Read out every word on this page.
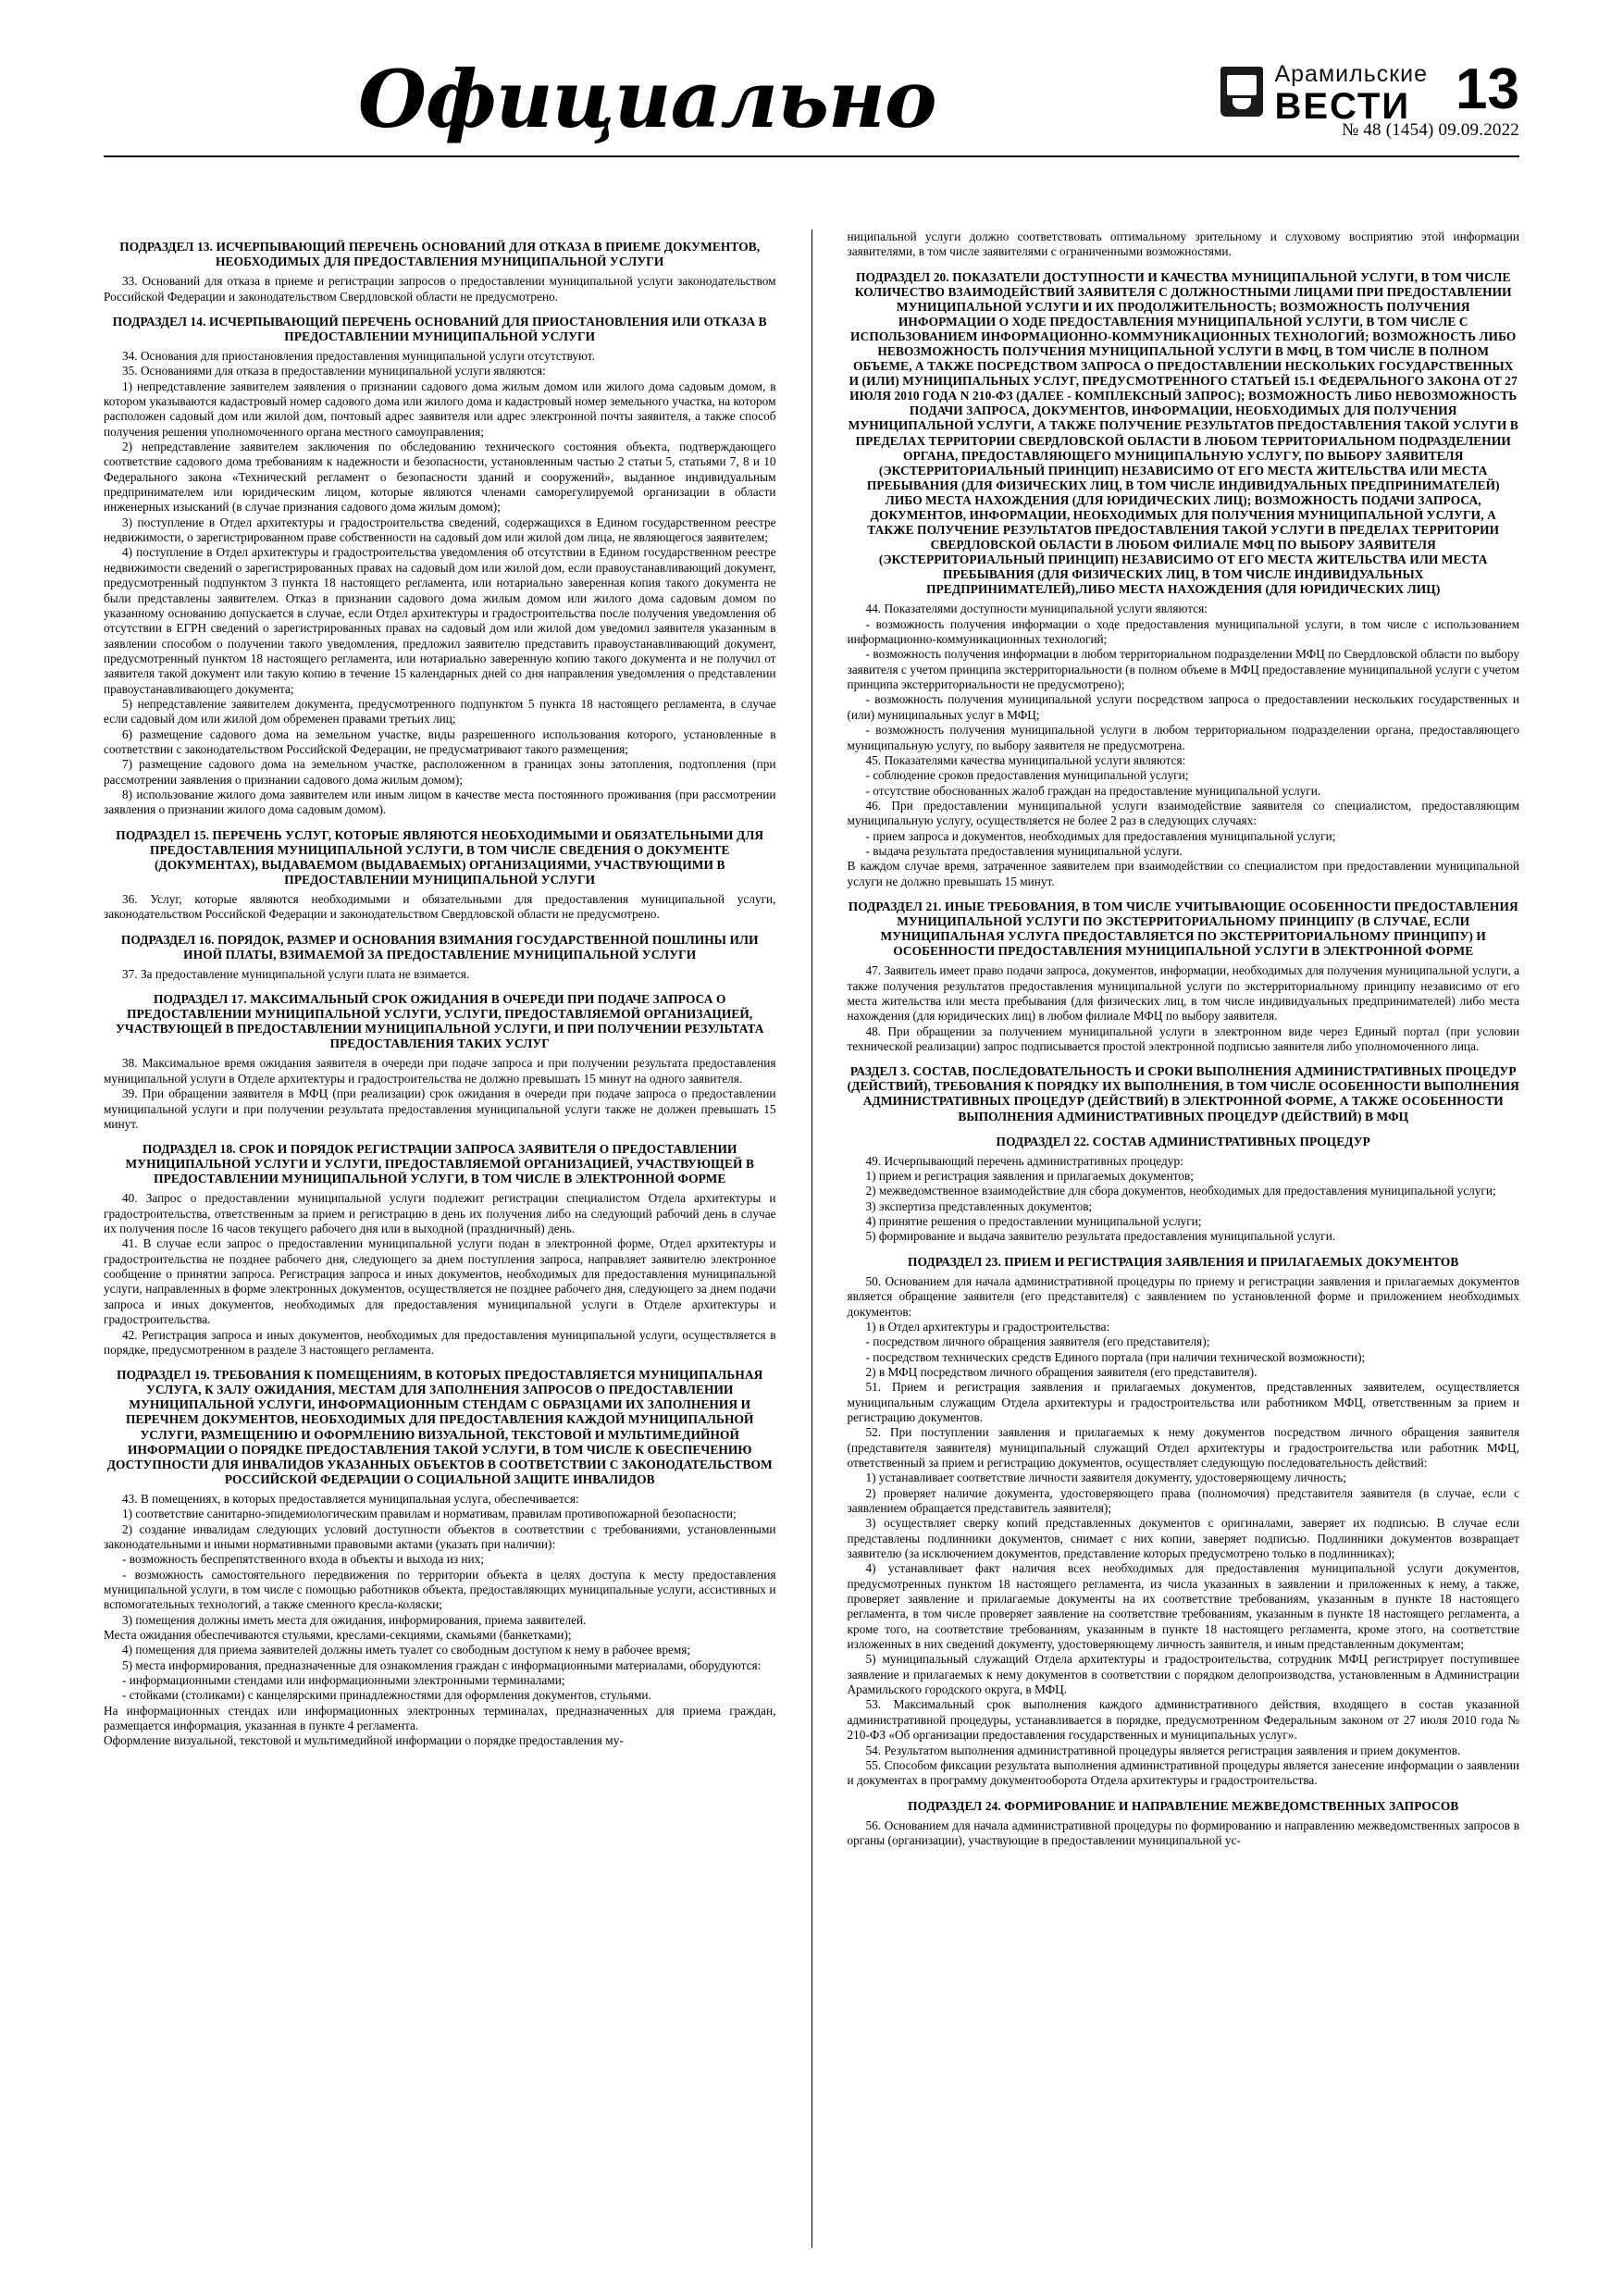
Официально	Арамильские
ВЕСТИ 13
№ 48 (1454) 09.09.2022
ПОДРАЗДЕЛ 13. ИСЧЕРПЫВАЮЩИЙ ПЕРЕЧЕНЬ ОСНОВАНИЙ ДЛЯ ОТКАЗА В ПРИЕМЕ ДОКУМЕНТОВ, НЕОБХОДИМЫХ ДЛЯ ПРЕДОСТАВЛЕНИЯ МУНИЦИПАЛЬНОЙ УСЛУГИ

33. Оснований для отказа в приеме и регистрации запросов о предоставлении муниципальной услуги законодательством Российской Федерации и законодательством Свердловской области не предусмотрено.

ПОДРАЗДЕЛ 14. ИСЧЕРПЫВАЮЩИЙ ПЕРЕЧЕНЬ ОСНОВАНИЙ ДЛЯ ПРИОСТАНОВЛЕНИЯ ИЛИ ОТКАЗА В ПРЕДОСТАВЛЕНИИ МУНИЦИПАЛЬНОЙ УСЛУГИ

34. Основания для приостановления предоставления муниципальной услуги отсутствуют.

35. Основаниями для отказа в предоставлении муниципальной услуги являются:

1) непредставление заявителем заявления о признании садового дома жилым домом или жилого дома садовым домом, в котором указываются кадастровый номер садового дома или жилого дома и кадастровый номер земельного участка, на котором расположен садовый дом или жилой дом, почтовый адрес заявителя или адрес электронной почты заявителя, а также способ получения решения уполномоченного органа местного самоуправления;

2) непредставление заявителем заключения по обследованию технического состояния объекта, подтверждающего соответствие садового дома требованиям к надежности и безопасности, установленным частью 2 статьи 5, статьями 7, 8 и 10 Федерального закона «Технический регламент о безопасности зданий и сооружений», выданное индивидуальным предпринимателем или юридическим лицом, которые являются членами саморегулируемой организации в области инженерных изысканий (в случае признания садового дома жилым домом);

3) поступление в Отдел архитектуры и градостроительства сведений, содержащихся в Едином государственном реестре недвижимости, о зарегистрированном праве собственности на садовый дом или жилой дом лица, не являющегося заявителем;

4) поступление в Отдел архитектуры и градостроительства уведомления об отсутствии в Едином государственном реестре недвижимости сведений о зарегистрированных правах на садовый дом или жилой дом, если правоустанавливающий документ, предусмотренный подпунктом 3 пункта 18 настоящего регламента, или нотариально заверенная копия такого документа не были представлены заявителем. Отказ в признании садового дома жилым домом или жилого дома садовым домом по указанному основанию допускается в случае, если Отдел архитектуры и градостроительства после получения уведомления об отсутствии в ЕГРН сведений о зарегистрированных правах на садовый дом или жилой дом уведомил заявителя указанным в заявлении способом о получении такого уведомления, предложил заявителю представить правоустанавливающий документ, предусмотренный пунктом 18 настоящего регламента, или нотариально заверенную копию такого документа и не получил от заявителя такой документ или такую копию в течение 15 календарных дней со дня направления уведомления о представлении правоустанавливающего документа;

5) непредставление заявителем документа, предусмотренного подпунктом 5 пункта 18 настоящего регламента, в случае если садовый дом или жилой дом обременен правами третьих лиц;

6) размещение садового дома на земельном участке, виды разрешенного использования которого, установленные в соответствии с законодательством Российской Федерации, не предусматривают такого размещения;

7) размещение садового дома на земельном участке, расположенном в границах зоны затопления, подтопления (при рассмотрении заявления о признании садового дома жилым домом);

8) использование жилого дома заявителем или иным лицом в качестве места постоянного проживания (при рассмотрении заявления о признании жилого дома садовым домом).

ПОДРАЗДЕЛ 15. ПЕРЕЧЕНЬ УСЛУГ, КОТОРЫЕ ЯВЛЯЮТСЯ НЕОБХОДИМЫМИ И ОБЯЗАТЕЛЬНЫМИ ДЛЯ ПРЕДОСТАВЛЕНИЯ МУНИЦИПАЛЬНОЙ УСЛУГИ, В ТОМ ЧИСЛЕ СВЕДЕНИЯ О ДОКУМЕНТЕ (ДОКУМЕНТАХ), ВЫДАВАЕМОМ (ВЫДАВАЕМЫХ) ОРГАНИЗАЦИЯМИ, УЧАСТВУЮЩИМИ В ПРЕДОСТАВЛЕНИИ МУНИЦИПАЛЬНОЙ УСЛУГИ

36. Услуг, которые являются необходимыми и обязательными для предоставления муниципальной услуги, законодательством Российской Федерации и законодательством Свердловской области не предусмотрено.

ПОДРАЗДЕЛ 16. ПОРЯДОК, РАЗМЕР И ОСНОВАНИЯ ВЗИМАНИЯ ГОСУДАРСТВЕННОЙ ПОШЛИНЫ ИЛИ ИНОЙ ПЛАТЫ, ВЗИМАЕМОЙ ЗА ПРЕДОСТАВЛЕНИЕ МУНИЦИПАЛЬНОЙ УСЛУГИ

37. За предоставление муниципальной услуги плата не взимается.

ПОДРАЗДЕЛ 17. МАКСИМАЛЬНЫЙ СРОК ОЖИДАНИЯ В ОЧЕРЕДИ ПРИ ПОДАЧЕ ЗАПРОСА О ПРЕДОСТАВЛЕНИИ МУНИЦИПАЛЬНОЙ УСЛУГИ, УСЛУГИ, ПРЕДОСТАВЛЯЕМОЙ ОРГАНИЗАЦИЕЙ, УЧАСТВУЮЩЕЙ В ПРЕДОСТАВЛЕНИИ МУНИЦИПАЛЬНОЙ УСЛУГИ, И ПРИ ПОЛУЧЕНИИ РЕЗУЛЬТАТА ПРЕДОСТАВЛЕНИЯ ТАКИХ УСЛУГ

38. Максимальное время ожидания заявителя в очереди при подаче запроса и при получении результата предоставления муниципальной услуги в Отделе архитектуры и градостроительства не должно превышать 15 минут на одного заявителя.

39. При обращении заявителя в МФЦ (при реализации) срок ожидания в очереди при подаче запроса о предоставлении муниципальной услуги и при получении результата предоставления муниципальной услуги также не должен превышать 15 минут.

ПОДРАЗДЕЛ 18. СРОК И ПОРЯДОК РЕГИСТРАЦИИ ЗАПРОСА ЗАЯВИТЕЛЯ О ПРЕДОСТАВЛЕНИИ МУНИЦИПАЛЬНОЙ УСЛУГИ И УСЛУГИ, ПРЕДОСТАВЛЯЕМОЙ ОРГАНИЗАЦИЕЙ, УЧАСТВУЮЩЕЙ В ПРЕДОСТАВЛЕНИИ МУНИЦИПАЛЬНОЙ УСЛУГИ, В ТОМ ЧИСЛЕ В ЭЛЕКТРОННОЙ ФОРМЕ

40. Запрос о предоставлении муниципальной услуги подлежит регистрации специалистом Отдела архитектуры и градостроительства, ответственным за прием и регистрацию в день их получения либо на следующий рабочий день в случае их получения после 16 часов текущего рабочего дня или в выходной (праздничный) день.

41. В случае если запрос о предоставлении муниципальной услуги подан в электронной форме, Отдел архитектуры и градостроительства не позднее рабочего дня, следующего за днем поступления запроса, направляет заявителю электронное сообщение о принятии запроса. Регистрация запроса и иных документов, необходимых для предоставления муниципальной услуги, направленных в форме электронных документов, осуществляется не позднее рабочего дня, следующего за днем подачи запроса и иных документов, необходимых для предоставления муниципальной услуги в Отделе архитектуры и градостроительства.

42. Регистрация запроса и иных документов, необходимых для предоставления муниципальной услуги, осуществляется в порядке, предусмотренном в разделе 3 настоящего регламента.

ПОДРАЗДЕЛ 19. ТРЕБОВАНИЯ К ПОМЕЩЕНИЯМ, В КОТОРЫХ ПРЕДОСТАВЛЯЕТСЯ МУНИЦИПАЛЬНАЯ УСЛУГА, К ЗАЛУ ОЖИДАНИЯ, МЕСТАМ ДЛЯ ЗАПОЛНЕНИЯ ЗАПРОСОВ О ПРЕДОСТАВЛЕНИИ МУНИЦИПАЛЬНОЙ УСЛУГИ, ИНФОРМАЦИОННЫМ СТЕНДАМ С ОБРАЗЦАМИ ИХ ЗАПОЛНЕНИЯ И ПЕРЕЧНЕМ ДОКУМЕНТОВ, НЕОБХОДИМЫХ ДЛЯ ПРЕДОСТАВЛЕНИЯ КАЖДОЙ МУНИЦИПАЛЬНОЙ УСЛУГИ, РАЗМЕЩЕНИЮ И ОФОРМЛЕНИЮ ВИЗУАЛЬНОЙ, ТЕКСТОВОЙ И МУЛЬТИМЕДИЙНОЙ ИНФОРМАЦИИ О ПОРЯДКЕ ПРЕДОСТАВЛЕНИЯ ТАКОЙ УСЛУГИ, В ТОМ ЧИСЛЕ К ОБЕСПЕЧЕНИЮ ДОСТУПНОСТИ ДЛЯ ИНВАЛИДОВ УКАЗАННЫХ ОБЪЕКТОВ В СООТВЕТСТВИИ С ЗАКОНОДАТЕЛЬСТВОМ РОССИЙСКОЙ ФЕДЕРАЦИИ О СОЦИАЛЬНОЙ ЗАЩИТЕ ИНВАЛИДОВ

43. В помещениях, в которых предоставляется муниципальная услуга, обеспечивается:

1) соответствие санитарно-эпидемиологическим правилам и нормативам, правилам противопожарной безопасности;

2) создание инвалидам следующих условий доступности объектов в соответствии с требованиями, установленными законодательными и иными нормативными правовыми актами (указать при наличии):

- возможность беспрепятственного входа в объекты и выхода из них;

- возможность самостоятельного передвижения по территории объекта в целях доступа к месту предоставления муниципальной услуги, в том числе с помощью работников объекта, предоставляющих муниципальные услуги, ассистивных и вспомогательных технологий, а также сменного кресла-коляски;

3) помещения должны иметь места для ожидания, информирования, приема заявителей.

Места ожидания обеспечиваются стульями, креслами-секциями, скамьями (банкетками);

4) помещения для приема заявителей должны иметь туалет со свободным доступом к нему в рабочее время;

5) места информирования, предназначенные для ознакомления граждан с информационными материалами, оборудуются:

- информационными стендами или информационными электронными терминалами;

- стойками (столиками) с канцелярскими принадлежностями для оформления документов, стульями.

На информационных стендах или информационных электронных терминалах, предназначенных для приема граждан, размещается информация, указанная в пункте 4 регламента.

Оформление визуальной, текстовой и мультимедийной информации о порядке предоставления му-

ниципальной услуги должно соответствовать оптимальному зрительному и слуховому восприятию этой информации заявителями, в том числе заявителями с ограниченными возможностями.

ПОДРАЗДЕЛ 20. ПОКАЗАТЕЛИ ДОСТУПНОСТИ И КАЧЕСТВА МУНИЦИПАЛЬНОЙ УСЛУГИ, В ТОМ ЧИСЛЕ КОЛИЧЕСТВО ВЗАИМОДЕЙСТВИЙ ЗАЯВИТЕЛЯ С ДОЛЖНОСТНЫМИ ЛИЦАМИ ПРИ ПРЕДОСТАВЛЕНИИ МУНИЦИПАЛЬНОЙ УСЛУГИ И ИХ ПРОДОЛЖИТЕЛЬНОСТЬ; ВОЗМОЖНОСТЬ ПОЛУЧЕНИЯ ИНФОРМАЦИИ О ХОДЕ ПРЕДОСТАВЛЕНИЯ МУНИЦИПАЛЬНОЙ УСЛУГИ, В ТОМ ЧИСЛЕ С ИСПОЛЬЗОВАНИЕМ ИНФОРМАЦИОННО-КОММУНИКАЦИОННЫХ ТЕХНОЛОГИЙ; ВОЗМОЖНОСТЬ ЛИБО НЕВОЗМОЖНОСТЬ ПОЛУЧЕНИЯ МУНИЦИПАЛЬНОЙ УСЛУГИ В МФЦ, В ТОМ ЧИСЛЕ В ПОЛНОМ ОБЪЕМЕ, А ТАКЖЕ ПОСРЕДСТВОМ ЗАПРОСА О ПРЕДОСТАВЛЕНИИ НЕСКОЛЬКИХ ГОСУДАРСТВЕННЫХ И (ИЛИ) МУНИЦИПАЛЬНЫХ УСЛУГ, ПРЕДУСМОТРЕННОГО СТАТЬЕЙ 15.1 ФЕДЕРАЛЬНОГО ЗАКОНА ОТ 27 ИЮЛЯ 2010 ГОДА N 210-ФЗ (ДАЛЕЕ - КОМПЛЕКСНЫЙ ЗАПРОС); ВОЗМОЖНОСТЬ ЛИБО НЕВОЗМОЖНОСТЬ ПОДАЧИ ЗАПРОСА, ДОКУМЕНТОВ, ИНФОРМАЦИИ, НЕОБХОДИМЫХ ДЛЯ ПОЛУЧЕНИЯ МУНИЦИПАЛЬНОЙ УСЛУГИ, А ТАКЖЕ ПОЛУЧЕНИЕ РЕЗУЛЬТАТОВ ПРЕДОСТАВЛЕНИЯ ТАКОЙ УСЛУГИ В ПРЕДЕЛАХ ТЕРРИТОРИИ СВЕРДЛОВСКОЙ ОБЛАСТИ В ЛЮБОМ ТЕРРИТОРИАЛЬНОМ ПОДРАЗДЕЛЕНИИ ОРГАНА, ПРЕДОСТАВЛЯЮЩЕГО МУНИЦИПАЛЬНУЮ УСЛУГУ, ПО ВЫБОРУ ЗАЯВИТЕЛЯ (ЭКСТЕРРИТОРИАЛЬНЫЙ ПРИНЦИП) НЕЗАВИСИМО ОТ ЕГО МЕСТА ЖИТЕЛЬСТВА ИЛИ МЕСТА ПРЕБЫВАНИЯ (ДЛЯ ФИЗИЧЕСКИХ ЛИЦ, В ТОМ ЧИСЛЕ ИНДИВИДУАЛЬНЫХ ПРЕДПРИНИМАТЕЛЕЙ) ЛИБО МЕСТА НАХОЖДЕНИЯ (ДЛЯ ЮРИДИЧЕСКИХ ЛИЦ); ВОЗМОЖНОСТЬ ПОДАЧИ ЗАПРОСА, ДОКУМЕНТОВ, ИНФОРМАЦИИ, НЕОБХОДИМЫХ ДЛЯ ПОЛУЧЕНИЯ МУНИЦИПАЛЬНОЙ УСЛУГИ, А ТАКЖЕ ПОЛУЧЕНИЕ РЕЗУЛЬТАТОВ ПРЕДОСТАВЛЕНИЯ ТАКОЙ УСЛУГИ В ПРЕДЕЛАХ ТЕРРИТОРИИ СВЕРДЛОВСКОЙ ОБЛАСТИ В ЛЮБОМ ФИЛИАЛЕ МФЦ ПО ВЫБОРУ ЗАЯВИТЕЛЯ (ЭКСТЕРРИТОРИАЛЬНЫЙ ПРИНЦИП) НЕЗАВИСИМО ОТ ЕГО МЕСТА ЖИТЕЛЬСТВА ИЛИ МЕСТА ПРЕБЫВАНИЯ (ДЛЯ ФИЗИЧЕСКИХ ЛИЦ, В ТОМ ЧИСЛЕ ИНДИВИДУАЛЬНЫХ ПРЕДПРИНИМАТЕЛЕЙ),ЛИБО МЕСТА НАХОЖДЕНИЯ (ДЛЯ ЮРИДИЧЕСКИХ ЛИЦ)

44. Показателями доступности муниципальной услуги являются:

- возможность получения информации о ходе предоставления муниципальной услуги, в том числе с использованием информационно-коммуникационных технологий;

- возможность получения информации в любом территориальном подразделении МФЦ по Свердловской области по выбору заявителя с учетом принципа экстерриториальности (в полном объеме в МФЦ предоставление муниципальной услуги с учетом принципа экстерриториальности не предусмотрено);

- возможность получения муниципальной услуги посредством запроса о предоставлении нескольких государственных и (или) муниципальных услуг в МФЦ;

- возможность получения муниципальной услуги в любом территориальном подразделении органа, предоставляющего муниципальную услугу, по выбору заявителя не предусмотрена.

45. Показателями качества муниципальной услуги являются:

- соблюдение сроков предоставления муниципальной услуги;

- отсутствие обоснованных жалоб граждан на предоставление муниципальной услуги.

46. При предоставлении муниципальной услуги взаимодействие заявителя со специалистом, предоставляющим муниципальную услугу, осуществляется не более 2 раз в следующих случаях:

- прием запроса и документов, необходимых для предоставления муниципальной услуги;

- выдача результата предоставления муниципальной услуги.

В каждом случае время, затраченное заявителем при взаимодействии со специалистом при предоставлении муниципальной услуги не должно превышать 15 минут.

ПОДРАЗДЕЛ 21. ИНЫЕ ТРЕБОВАНИЯ, В ТОМ ЧИСЛЕ УЧИТЫВАЮЩИЕ ОСОБЕННОСТИ ПРЕДОСТАВЛЕНИЯ МУНИЦИПАЛЬНОЙ УСЛУГИ ПО ЭКСТЕРРИТОРИАЛЬНОМУ ПРИНЦИПУ (В СЛУЧАЕ, ЕСЛИ МУНИЦИПАЛЬНАЯ УСЛУГА ПРЕДОСТАВЛЯЕТСЯ ПО ЭКСТЕРРИТОРИАЛЬНОМУ ПРИНЦИПУ) И ОСОБЕННОСТИ ПРЕДОСТАВЛЕНИЯ МУНИЦИПАЛЬНОЙ УСЛУГИ В ЭЛЕКТРОННОЙ ФОРМЕ

47. Заявитель имеет право подачи запроса, документов, информации, необходимых для получения муниципальной услуги, а также получения результатов предоставления муниципальной услуги по экстерриториальному принципу независимо от его места жительства или места пребывания (для физических лиц, в том числе индивидуальных предпринимателей) либо места нахождения (для юридических лиц) в любом филиале МФЦ по выбору заявителя.

48. При обращении за получением муниципальной услуги в электронном виде через Единый портал (при условии технической реализации) запрос подписывается простой электронной подписью заявителя либо уполномоченного лица.

РАЗДЕЛ 3. СОСТАВ, ПОСЛЕДОВАТЕЛЬНОСТЬ И СРОКИ ВЫПОЛНЕНИЯ АДМИНИСТРАТИВНЫХ ПРОЦЕДУР (ДЕЙСТВИЙ), ТРЕБОВАНИЯ К ПОРЯДКУ ИХ ВЫПОЛНЕНИЯ, В ТОМ ЧИСЛЕ ОСОБЕННОСТИ ВЫПОЛНЕНИЯ АДМИНИСТРАТИВНЫХ ПРОЦЕДУР (ДЕЙСТВИЙ) В ЭЛЕКТРОННОЙ ФОРМЕ, А ТАКЖЕ ОСОБЕННОСТИ ВЫПОЛНЕНИЯ АДМИНИСТРАТИВНЫХ ПРОЦЕДУР (ДЕЙСТВИЙ) В МФЦ
ПОДРАЗДЕЛ 22. СОСТАВ АДМИНИСТРАТИВНЫХ ПРОЦЕДУР

49. Исчерпывающий перечень административных процедур:

1) прием и регистрация заявления и прилагаемых документов;

2) межведомственное взаимодействие для сбора документов, необходимых для предоставления муниципальной услуги;

3) экспертиза представленных документов;

4) принятие решения о предоставлении муниципальной услуги;

5) формирование и выдача заявителю результата предоставления муниципальной услуги.

ПОДРАЗДЕЛ 23. ПРИЕМ И РЕГИСТРАЦИЯ ЗАЯВЛЕНИЯ И ПРИЛАГАЕМЫХ ДОКУМЕНТОВ

50. Основанием для начала административной процедуры по приему и регистрации заявления и прилагаемых документов является обращение заявителя (его представителя) с заявлением по установленной форме и приложением необходимых документов:

1) в Отдел архитектуры и градостроительства:

- посредством личного обращения заявителя (его представителя);

- посредством технических средств Единого портала (при наличии технической возможности);

2) в МФЦ посредством личного обращения заявителя (его представителя).

51. Прием и регистрация заявления и прилагаемых документов, представленных заявителем, осуществляется муниципальным служащим Отдела архитектуры и градостроительства или работником МФЦ, ответственным за прием и регистрацию документов.

52. При поступлении заявления и прилагаемых к нему документов посредством личного обращения заявителя (представителя заявителя) муниципальный служащий Отдел архитектуры и градостроительства или работник МФЦ, ответственный за прием и регистрацию документов, осуществляет следующую последовательность действий:

1) устанавливает соответствие личности заявителя документу, удостоверяющему личность;

2) проверяет наличие документа, удостоверяющего права (полномочия) представителя заявителя (в случае, если с заявлением обращается представитель заявителя);

3) осуществляет сверку копий представленных документов с оригиналами, заверяет их подписью. В случае если представлены подлинники документов, снимает с них копии, заверяет подписью. Подлинники документов возвращает заявителю (за исключением документов, представление которых предусмотрено только в подлинниках);

4) устанавливает факт наличия всех необходимых для предоставления муниципальной услуги документов, предусмотренных пунктом 18 настоящего регламента, из числа указанных в заявлении и приложенных к нему, а также, проверяет заявление и прилагаемые документы на их соответствие требованиям, указанным в пункте 18 настоящего регламента, в том числе проверяет заявление на соответствие требованиям, указанным в пункте 18 настоящего регламента, а кроме того, на соответствие требованиям, указанным в пункте 18 настоящего регламента, кроме этого, на соответствие изложенных в них сведений документу, удостоверяющему личность заявителя, и иным представленным документам;

5) муниципальный служащий Отдела архитектуры и градостроительства, сотрудник МФЦ регистрирует поступившее заявление и прилагаемых к нему документов в соответствии с порядком делопроизводства, установленным в Администрации Арамильского городского округа, в МФЦ.

53. Максимальный срок выполнения каждого административного действия, входящего в состав указанной административной процедуры, устанавливается в порядке, предусмотренном Федеральным законом от 27 июля 2010 года № 210-ФЗ «Об организации предоставления государственных и муниципальных услуг».

54. Результатом выполнения административной процедуры является регистрация заявления и прием документов.

55. Способом фиксации результата выполнения административной процедуры является занесение информации о заявлении и документах в программу документооборота Отдела архитектуры и градостроительства.

ПОДРАЗДЕЛ 24. ФОРМИРОВАНИЕ И НАПРАВЛЕНИЕ МЕЖВЕДОМСТВЕННЫХ ЗАПРОСОВ

56. Основанием для начала административной процедуры по формированию и направлению межведомственных запросов в органы (организации), участвующие в предоставлении муниципальной ус-
